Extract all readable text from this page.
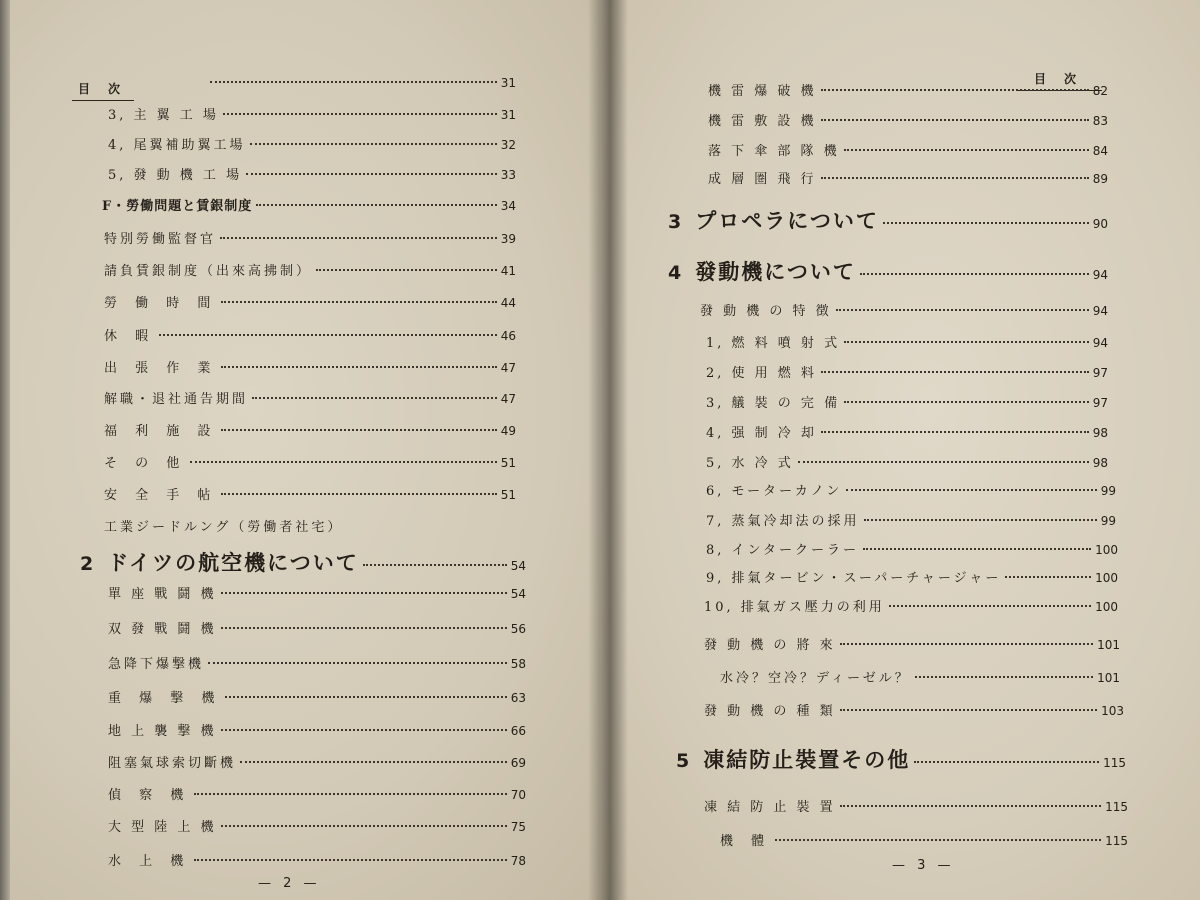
目次	31
3, 主 翼 工 場	31
4, 尾翼補助翼工場	32
5, 發 動 機 工 場	33
F・勞働問題と賃銀制度	34
特別勞働監督官	39
請負賃銀制度（出來高拂制）	41
勞 働 時 間	44
休 暇	46
出 張 作 業	47
解職・退社通告期間	47
福 利 施 設	49
そ の 他	51
安 全 手 帖	51
工業ジードルング（勞働者社宅）
2 ドイツの航空機について	54
單 座 戰 鬪 機	54
双 發 戰 鬪 機	56
急降下爆撃機	58
重 爆 撃 機	63
地 上 襲 撃 機	66
阻塞氣球索切斷機	69
偵 察 機	70
大 型 陸 上 機	75
水 上 機	78
— 2 —
目次
機 雷 爆 破 機	82
機 雷 敷 設 機	83
落 下 傘 部 隊 機	84
成 層 圏 飛 行	89
3 プロペラについて	90
4 發動機について	94
發 動 機 の 特 徴	94
1, 燃 料 噴 射 式	94
2, 使 用 燃 料	97
3, 艤 裝 の 完 備	97
4, 强 制 冷 却	98
5, 水 冷 式	98
6, モーターカノン	99
7, 蒸氣冷却法の採用	99
8, インタークーラー	100
9, 排氣タービン・スーパーチャージャー	100
10, 排氣ガス壓力の利用	100
發 動 機 の 將 來	101
水冷？空冷？ディーゼル？	101
發 動 機 の 種 類	103
5 凍結防止裝置その他	115
凍 結 防 止 裝 置	115
機 體	115
— 3 —
